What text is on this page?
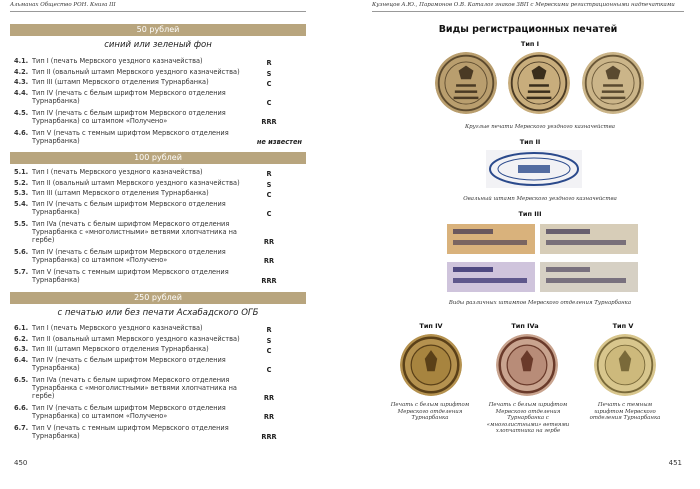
Альманах Общество РОН. Книга III
50 рублей
синий или зеленый фон
4.1. Тип I (печать Мервского уездного казначейства)	R
4.2. Тип II (овальный штамп Мервского уездного казначейства)	S
4.3. Тип III (штамп Мервского отделения Турнарбанка)	C
4.4. Тип IV (печать с белым шрифтом Мервского отделения Турнарбанка)	C
4.5. Тип IV (печать с белым шрифтом Мервского отделения Турнарбанка) со штампом «Получено»	RRR
4.6. Тип V (печать с темным шрифтом Мервского отделения Турнарбанка)	не известен
100 рублей
5.1. Тип I (печать Мервского уездного казначейства)	R
5.2. Тип II (овальный штамп Мервского уездного казначейства)	S
5.3. Тип III (штамп Мервского отделения Турнарбанка)	C
5.4. Тип IV (печать с белым шрифтом Мервского отделения Турнарбанка)	C
5.5. Тип IVa (печать с белым шрифтом Мервского отделения Турнарбанка с «многолистными» ветвями хлопчатника на гербе)	RR
5.6. Тип IV (печать с белым шрифтом Мервского отделения Турнарбанка) со штампом «Получено»	RR
5.7. Тип V (печать с темным шрифтом Мервского отделения Турнарбанка)	RRR
250 рублей
с печатью или без печати Асхабадского ОГБ
6.1. Тип I (печать Мервского уездного казначейства)	R
6.2. Тип II (овальный штамп Мервского уездного казначейства)	S
6.3. Тип III (штамп Мервского отделения Турнарбанка)	C
6.4. Тип IV (печать с белым шрифтом Мервского отделения Турнарбанка)	C
6.5. Тип IVa (печать с белым шрифтом Мервского отделения Турнарбанка с «многолистными» ветвями хлопчатника на гербе)	RR
6.6. Тип IV (печать с белым шрифтом Мервского отделения Турнарбанка) со штампом «Получено»	RR
6.7. Тип V (печать с темным шрифтом Мервского отделения Турнарбанка)	RRR
450
Кузнецов А.Ю., Парамонов О.В. Каталог знаков ЗВП с Мервскими регистрационными надпечатками
Виды регистрационных печатей
Тип I
Круглые печати Мервского уездного казначейства
Тип II
Овальный штамп Мервского уездного казначейства
Тип III
Виды различных штампов Мервского отделения Турнарбанка
Тип IV	Тип IVa	Тип V
Печать с белым шрифтом Мервского отделения Турнарбанка
Печать с белым шрифтом Мервского отделения Турнарбанка с «многолистными» ветвями хлопчатника на гербе
Печать с темным шрифтом Мервского отделения Турнарбанка
451
